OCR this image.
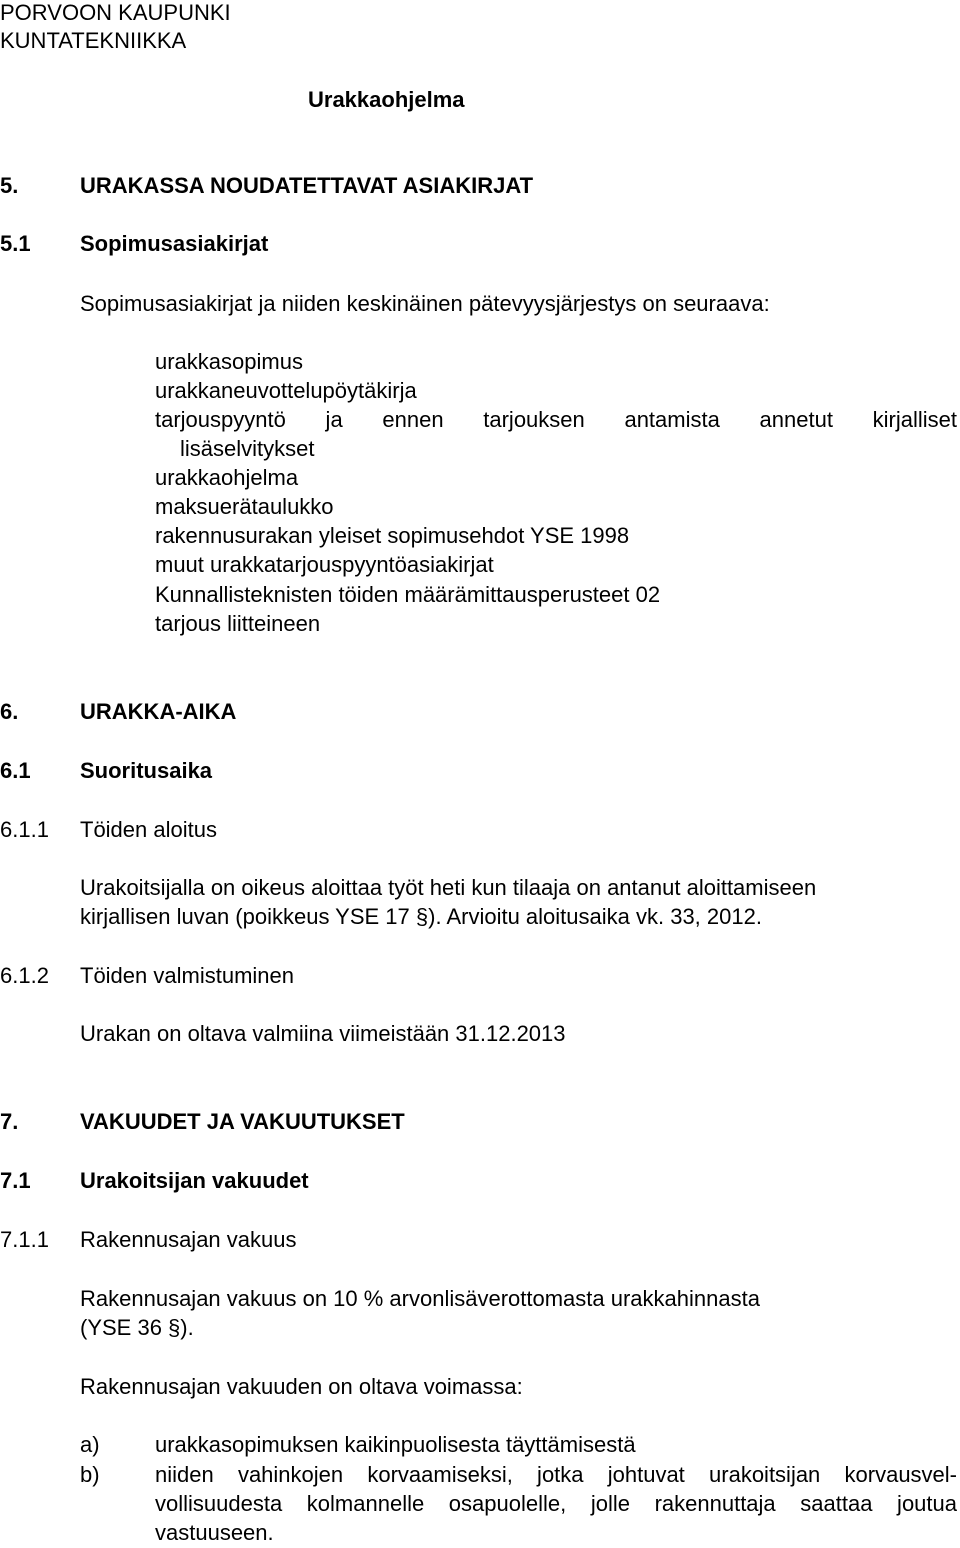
PORVOON KAUPUNKI
KUNTATEKNIIKKA
Urakkaohjelma
5.	URAKASSA NOUDATETTAVAT ASIAKIRJAT
5.1 Sopimusasiakirjat
Sopimusasiakirjat ja niiden keskinäinen pätevyysjärjestys on seuraava:
urakkasopimus
urakkaneuvottelupöytäkirja
tarjouspyyntö ja ennen tarjouksen antamista annetut kirjalliset
lisäselvitykset
urakkaohjelma
maksuerätaulukko
rakennusurakan yleiset sopimusehdot YSE 1998
muut urakkatarjouspyyntöasiakirjat
Kunnallisteknisten töiden määrämittausperusteet 02
tarjous liitteineen
6.	URAKKA-AIKA
6.1 Suoritusaika
6.1.1 Töiden aloitus
Urakoitsijalla on oikeus aloittaa työt heti kun tilaaja on antanut aloittamiseen
kirjallisen luvan (poikkeus YSE 17 §). Arvioitu aloitusaika vk. 33, 2012.
6.1.2 Töiden valmistuminen
Urakan on oltava valmiina viimeistään 31.12.2013
7.	VAKUUDET JA VAKUUTUKSET
7.1 Urakoitsijan vakuudet
7.1.1 Rakennusajan vakuus
Rakennusajan vakuus on 10 % arvonlisäverottomasta urakkahinnasta
(YSE 36 §).
Rakennusajan vakuuden on oltava voimassa:
a)	urakkasopimuksen kaikinpuolisesta täyttämisestä
b)	niiden vahinkojen korvaamiseksi, jotka johtuvat urakoitsijan korvausvel-
vollisuudesta kolmannelle osapuolelle, jolle rakennuttaja saattaa joutua
vastuuseen.
